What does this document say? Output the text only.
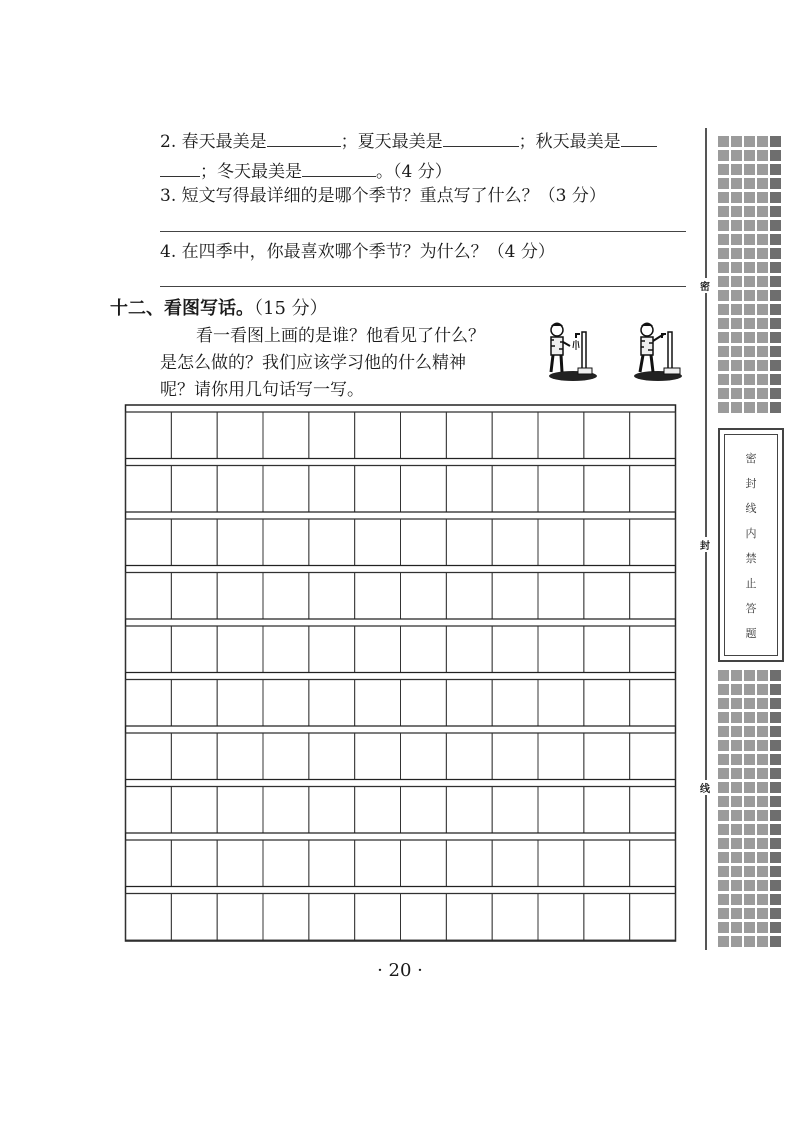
2. 春天最美是	；夏天最美是	；秋天最美是
；冬天最美是	。（4 分）
3. 短文写得最详细的是哪个季节？重点写了什么？（3 分）
4. 在四季中，你最喜欢哪个季节？为什么？（4 分）
十二、看图写话。（15 分）
看一看图上画的是谁？他看见了什么？
是怎么做的？我们应该学习他的什么精神
呢？请你用几句话写一写。
· 20 ·
密
封
线
密
封
线
内
禁
止
答
题
